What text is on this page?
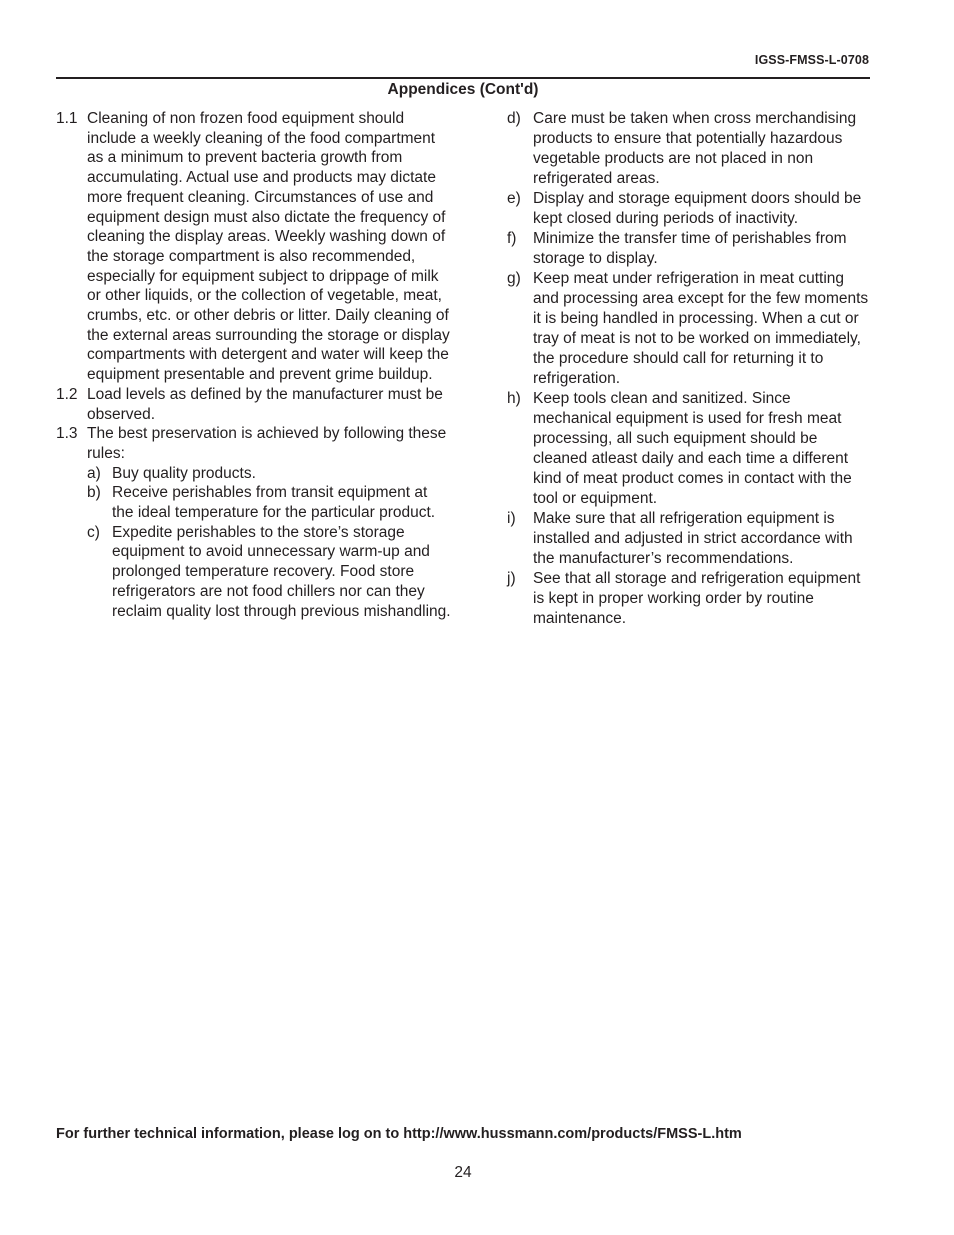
IGSS-FMSS-L-0708
Appendices (Cont'd)
1.1 Cleaning of non frozen food equipment should include a weekly cleaning of the food compartment as a minimum to prevent bacteria growth from accumulating. Actual use and products may dictate more frequent cleaning. Circumstances of use and equipment design must also dictate the frequency of cleaning the display areas. Weekly washing down of the storage compartment is also recommended, especially for equipment subject to drippage of milk or other liquids, or the collection of vegetable, meat, crumbs, etc. or other debris or litter. Daily cleaning of the external areas surrounding the storage or display compartments with detergent and water will keep the equipment presentable and prevent grime buildup.
1.2 Load levels as defined by the manufacturer must be observed.
1.3 The best preservation is achieved by following these rules:
a) Buy quality products.
b) Receive perishables from transit equipment at the ideal temperature for the particular product.
c) Expedite perishables to the store’s storage equipment to avoid unnecessary warm-up and prolonged temperature recovery. Food store refrigerators are not food chillers nor can they reclaim quality lost through previous mishandling.
d) Care must be taken when cross merchandising products to ensure that potentially hazardous vegetable products are not placed in non refrigerated areas.
e) Display and storage equipment doors should be kept closed during periods of inactivity.
f) Minimize the transfer time of perishables from storage to display.
g) Keep meat under refrigeration in meat cutting and processing area except for the few moments it is being handled in processing. When a cut or tray of meat is not to be worked on immediately, the procedure should call for returning it to refrigeration.
h) Keep tools clean and sanitized. Since mechanical equipment is used for fresh meat processing, all such equipment should be cleaned atleast daily and each time a different kind of meat product comes in contact with the tool or equipment.
i) Make sure that all refrigeration equipment is installed and adjusted in strict accordance with the manufacturer’s recommendations.
j) See that all storage and refrigeration equipment is kept in proper working order by routine maintenance.
For further technical information, please log on to http://www.hussmann.com/products/FMSS-L.htm
24
